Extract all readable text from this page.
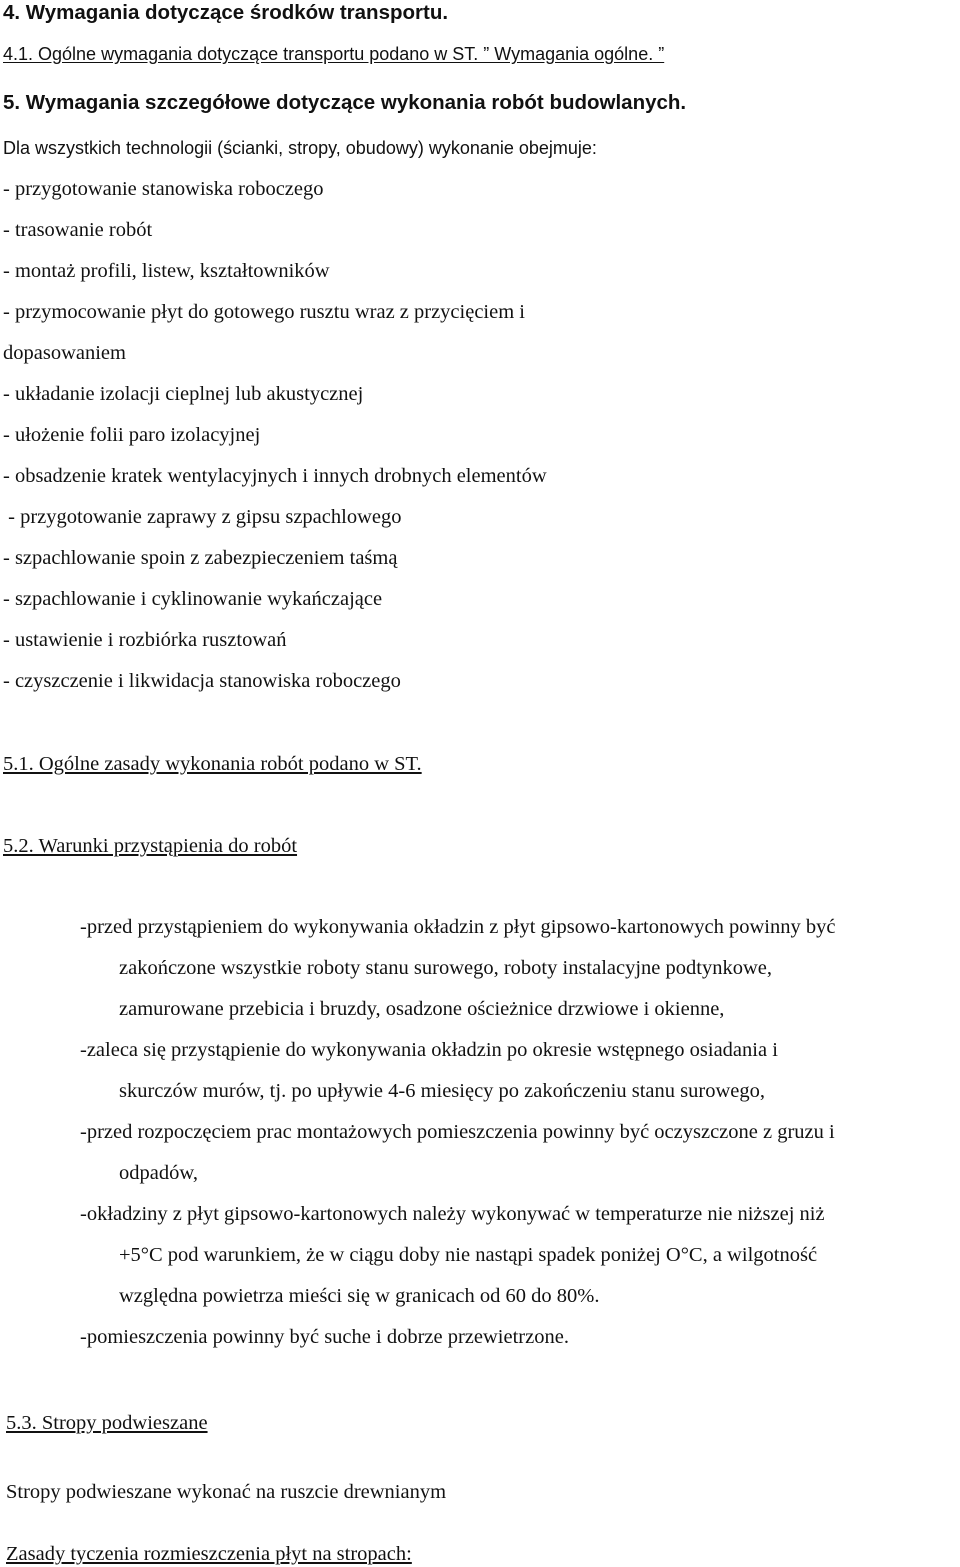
4. Wymagania dotyczące środków transportu.
4.1. Ogólne wymagania dotyczące transportu podano w ST. ” Wymagania ogólne. ”
5. Wymagania szczegółowe dotyczące wykonania robót budowlanych.
Dla wszystkich technologii (ścianki, stropy, obudowy) wykonanie obejmuje:
- przygotowanie stanowiska roboczego
- trasowanie robót
- montaż profili, listew, kształtowników
- przymocowanie płyt do gotowego rusztu wraz z przycięciem i
dopasowaniem
- układanie izolacji cieplnej lub akustycznej
- ułożenie folii paro izolacyjnej
- obsadzenie kratek wentylacyjnych i innych drobnych elementów
- przygotowanie zaprawy z gipsu szpachlowego
- szpachlowanie spoin z zabezpieczeniem taśmą
- szpachlowanie i cyklinowanie wykańczające
- ustawienie i rozbiórka rusztowań
- czyszczenie i likwidacja stanowiska roboczego
5.1. Ogólne zasady wykonania robót podano w ST.
5.2. Warunki przystąpienia do robót
-przed przystąpieniem do wykonywania okładzin z płyt gipsowo-kartonowych powinny być
zakończone wszystkie roboty stanu surowego, roboty instalacyjne podtynkowe,
zamurowane przebicia i bruzdy, osadzone ościeżnice drzwiowe i okienne,
-zaleca się przystąpienie do wykonywania okładzin po okresie wstępnego osiadania i
skurczów murów, tj. po upływie 4-6 miesięcy po zakończeniu stanu surowego,
-przed rozpoczęciem prac montażowych pomieszczenia powinny być oczyszczone z gruzu i
odpadów,
-okładziny z płyt gipsowo-kartonowych należy wykonywać w temperaturze nie niższej niż
+5°C pod warunkiem, że w ciągu doby nie nastąpi spadek poniżej O°C, a wilgotność
względna powietrza mieści się w granicach od 60 do 80%.
-pomieszczenia powinny być suche i dobrze przewietrzone.
5.3. Stropy podwieszane
Stropy podwieszane wykonać na ruszcie drewnianym
Zasady tyczenia rozmieszczenia płyt na stropach:
